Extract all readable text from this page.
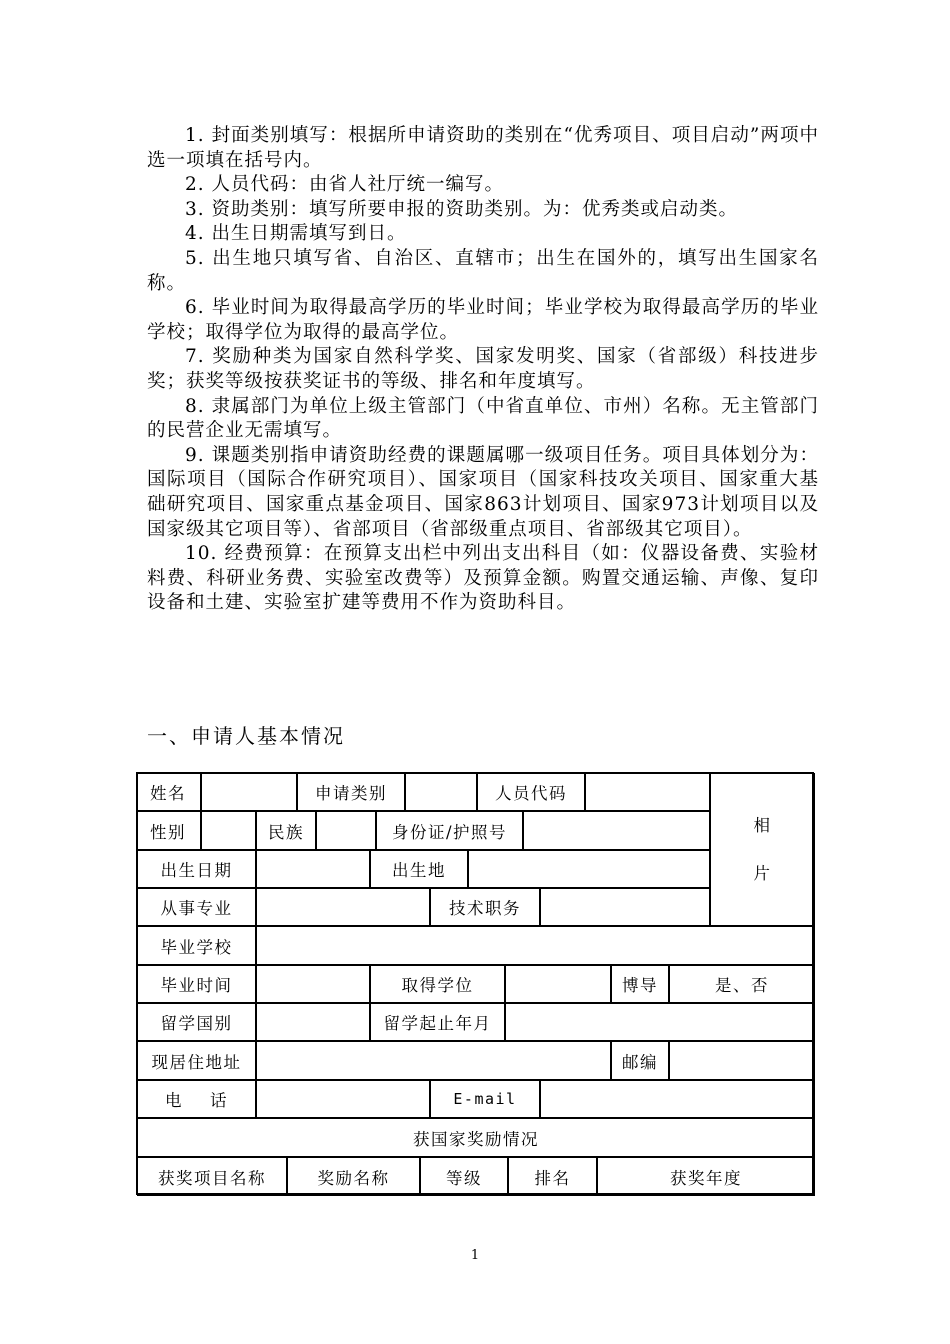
1. 封面类别填写：根据所申请资助的类别在“优秀项目、项目启动”两项中选一项填在括号内。

2. 人员代码：由省人社厅统一编写。

3. 资助类别：填写所要申报的资助类别。为：优秀类或启动类。

4. 出生日期需填写到日。

5. 出生地只填写省、自治区、直辖市；出生在国外的，填写出生国家名称。

6. 毕业时间为取得最高学历的毕业时间；毕业学校为取得最高学历的毕业学校；取得学位为取得的最高学位。

7. 奖励种类为国家自然科学奖、国家发明奖、国家（省部级）科技进步奖；获奖等级按获奖证书的等级、排名和年度填写。

8. 隶属部门为单位上级主管部门（中省直单位、市州）名称。无主管部门的民营企业无需填写。

9. 课题类别指申请资助经费的课题属哪一级项目任务。项目具体划分为：国际项目（国际合作研究项目）、国家项目（国家科技攻关项目、国家重大基础研究项目、国家重点基金项目、国家863计划项目、国家973计划项目以及国家级其它项目等）、省部项目（省部级重点项目、省部级其它项目）。

10. 经费预算：在预算支出栏中列出支出科目（如：仪器设备费、实验材料费、科研业务费、实验室改费等）及预算金额。购置交通运输、声像、复印设备和土建、实验室扩建等费用不作为资助科目。

一、申请人基本情况
姓名	申请类别	人员代码
相
片
性别	民族	身份证/护照号
出生日期	出生地
从事专业	技术职务
毕业学校
毕业时间	取得学位	博导	是、否
留学国别	留学起止年月
现居住地址	邮编
电    话	E-mail
获国家奖励情况
获奖项目名称	奖励名称	等级	排名	获奖年度
1
